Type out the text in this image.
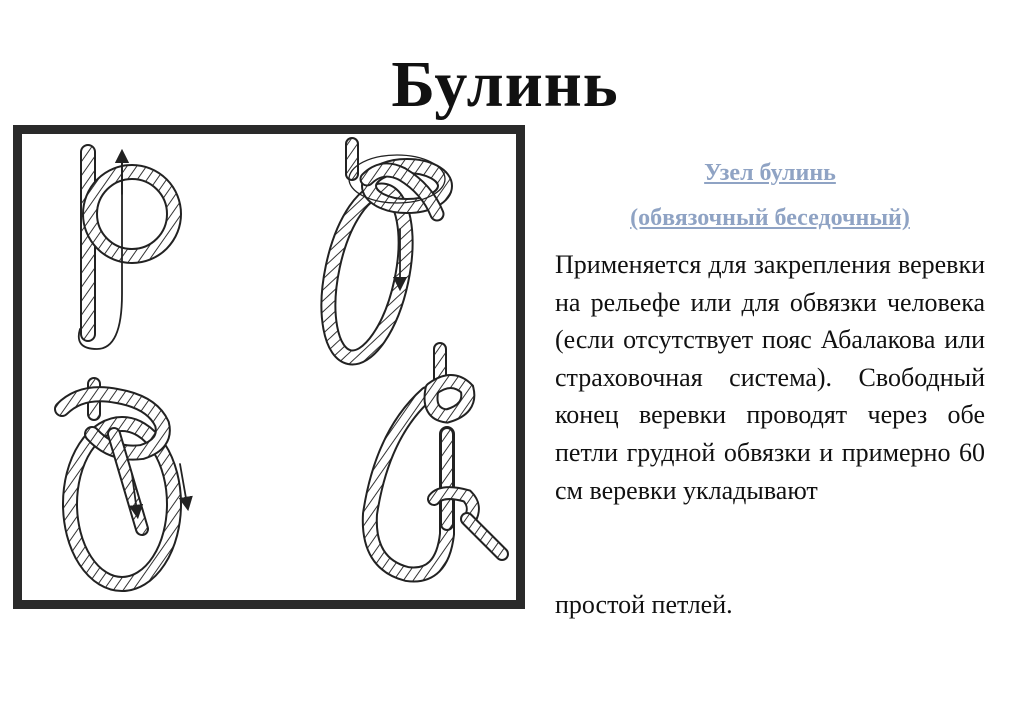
Булинь

Узел булинь

(обвязочный беседочный)

Применяется для закрепления веревки на рельефе или для обвязки человека (если отсутствует пояс Абалакова или страховочная система). Свободный конец веревки проводят через обе петли грудной обвязки и примерно 60 см веревки укладывают

простой петлей.
